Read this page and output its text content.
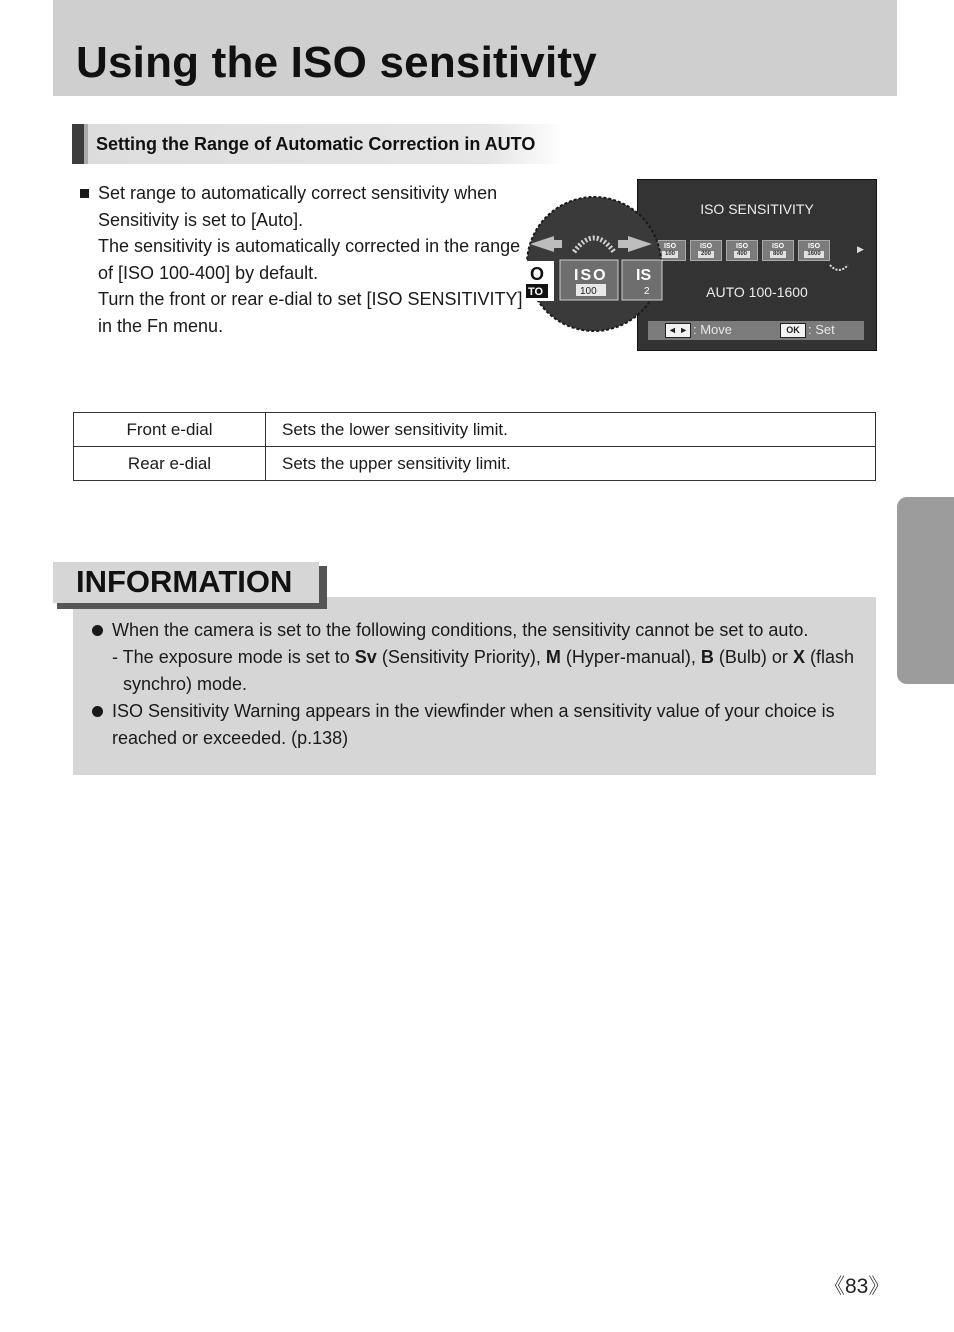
Using the ISO sensitivity
Setting the Range of Automatic Correction in AUTO
Set range to automatically correct sensitivity when
Sensitivity is set to [Auto].
The sensitivity is automatically corrected in the range
of [ISO 100-400] by default.
Turn the front or rear e-dial to set [ISO SENSITIVITY]
in the Fn menu.
ISO SENSITIVITY
ISO
100
ISO
200
ISO
400
ISO
800
ISO
1600	▶
AUTO 100-1600
◄ ► : Move	OK : Set
O
TO
ISO
100
IS
2
Front e-dial	Sets the lower sensitivity limit.
Rear e-dial	Sets the upper sensitivity limit.
INFORMATION
When the camera is set to the following conditions, the sensitivity cannot be set to auto.
- The exposure mode is set to Sv (Sensitivity Priority), M (Hyper-manual), B (Bulb) or X (flash
synchro) mode.
ISO Sensitivity Warning appears in the viewfinder when a sensitivity value of your choice is
reached or exceeded. (p.138)
《83》
